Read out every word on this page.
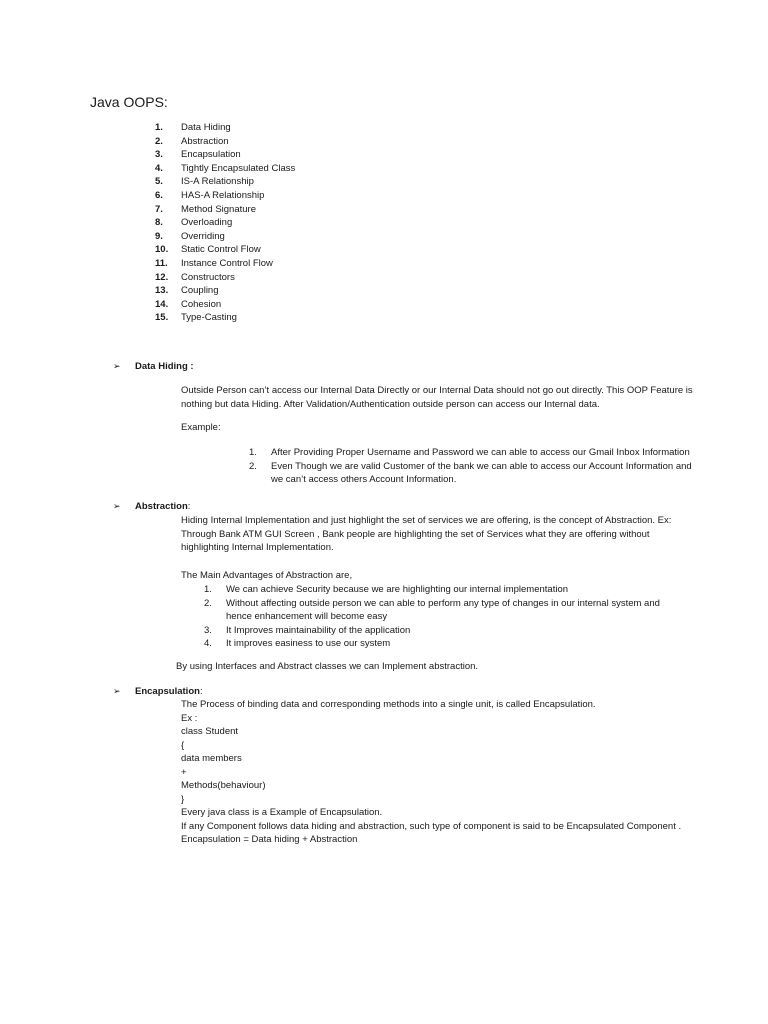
Java OOPS:
1. Data Hiding
2. Abstraction
3. Encapsulation
4. Tightly Encapsulated Class
5. IS-A Relationship
6. HAS-A Relationship
7. Method Signature
8. Overloading
9. Overriding
10. Static Control Flow
11. Instance Control Flow
12. Constructors
13. Coupling
14. Cohesion
15. Type-Casting
➢ Data Hiding :
Outside Person can’t access our Internal Data Directly or our Internal Data should not go out directly. This OOP Feature is
nothing but data Hiding. After Validation/Authentication outside person can access our Internal data.
Example:
1. After Providing Proper Username and Password we can able to access our Gmail Inbox Information
2. Even Though we are valid Customer of the bank we can able to access our Account Information and
we can’t access others Account Information.
➢ Abstraction:
Hiding Internal Implementation and just highlight the set of services we are offering, is the concept of Abstraction. Ex:
Through Bank ATM GUI Screen , Bank people are highlighting the set of Services what they are offering without
highlighting Internal Implementation.
The Main Advantages of Abstraction are,
1. We can achieve Security because we are highlighting our internal implementation
2. Without affecting outside person we can able to perform any type of changes in our internal system and
hence enhancement will become easy
3. It Improves maintainability of the application
4. It improves easiness to use our system
By using Interfaces and Abstract classes we can Implement abstraction.
➢ Encapsulation:
The Process of binding data and corresponding methods into a single unit, is called Encapsulation.
Ex :
class Student
{
data members
+
Methods(behaviour)
}
Every java class is a Example of Encapsulation.
If any Component follows data hiding and abstraction, such type of component is said to be Encapsulated Component .
Encapsulation = Data hiding + Abstraction
